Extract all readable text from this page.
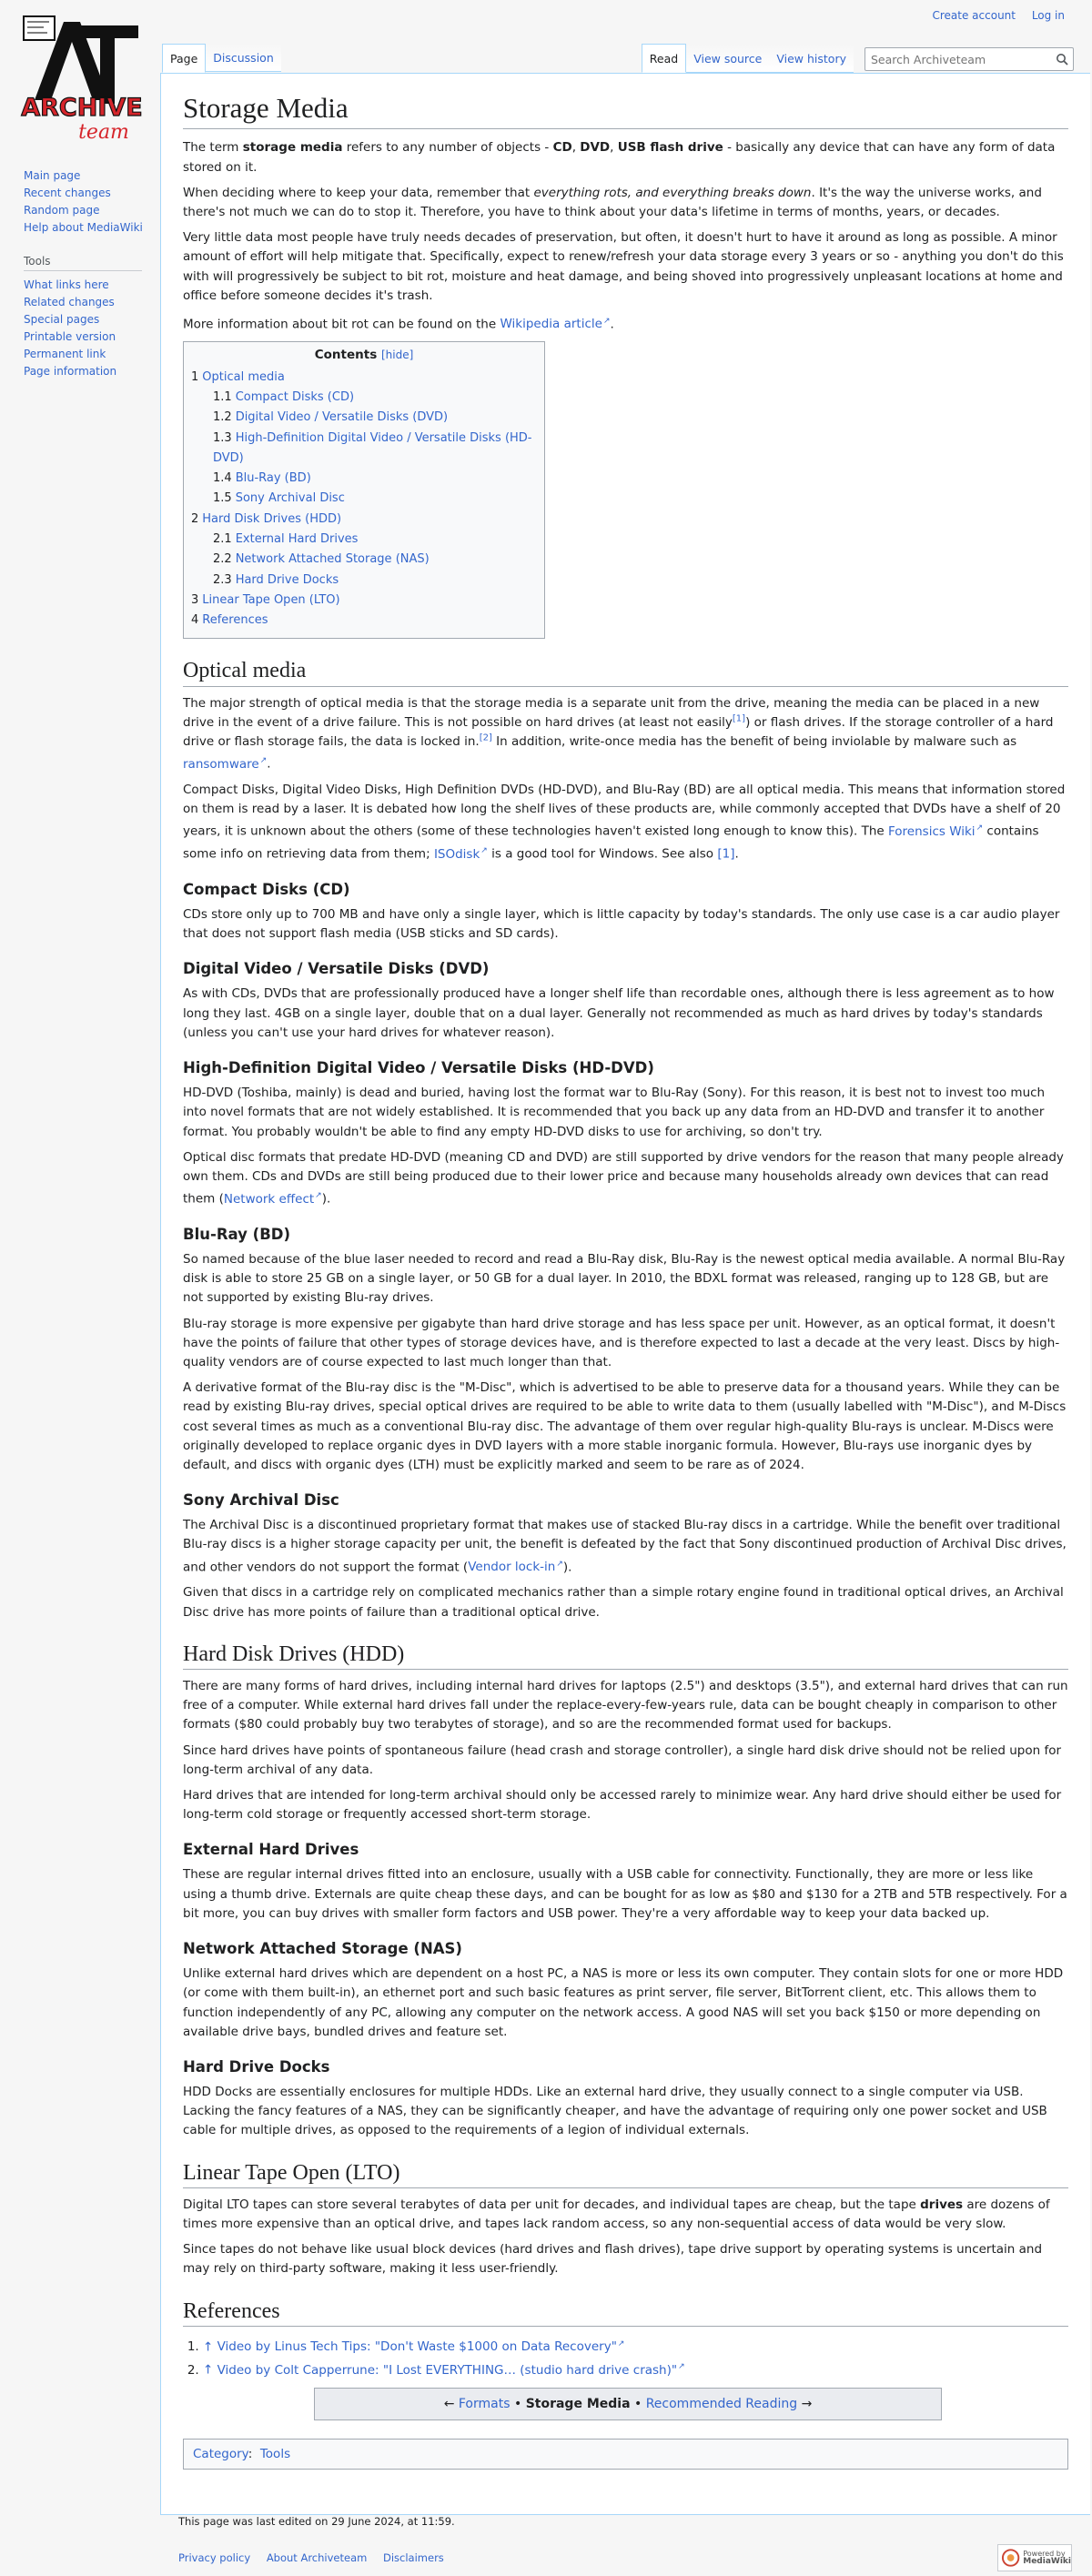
Create account Log in
ARCHIVE
team
Main page
Recent changes
Random page
Help about MediaWiki
Tools
What links here
Related changes
Special pages
Printable version
Permanent link
Page information
Page	Discussion	Read	View source	View history
Search Archiveteam
Storage Media

The term storage media refers to any number of objects - CD, DVD, USB flash drive - basically any device that can have any form of data stored on it.

When deciding where to keep your data, remember that everything rots, and everything breaks down. It's the way the universe works, and there's not much we can do to stop it. Therefore, you have to think about your data's lifetime in terms of months, years, or decades.

Very little data most people have truly needs decades of preservation, but often, it doesn't hurt to have it around as long as possible. A minor amount of effort will help mitigate that. Specifically, expect to renew/refresh your data storage every 3 years or so - anything you don't do this with will progressively be subject to bit rot, moisture and heat damage, and being shoved into progressively unpleasant locations at home and office before someone decides it's trash.

More information about bit rot can be found on the Wikipedia article ↗ .

Contents [hide]
1 Optical media
1.1 Compact Disks (CD)
1.2 Digital Video / Versatile Disks (DVD)
1.3 High-Definition Digital Video / Versatile Disks (HD-DVD)
1.4 Blu-Ray (BD)
1.5 Sony Archival Disc
2 Hard Disk Drives (HDD)
2.1 External Hard Drives
2.2 Network Attached Storage (NAS)
2.3 Hard Drive Docks
3 Linear Tape Open (LTO)
4 References
Optical media

The major strength of optical media is that the storage media is a separate unit from the drive, meaning the media can be placed in a new drive in the event of a drive failure. This is not possible on hard drives (at least not easily[1]) or flash drives. If the storage controller of a hard drive or flash storage fails, the data is locked in.[2] In addition, write-once media has the benefit of being inviolable by malware such as ransomware ↗ .

Compact Disks, Digital Video Disks, High Definition DVDs (HD-DVD), and Blu-Ray (BD) are all optical media. This means that information stored on them is read by a laser. It is debated how long the shelf lives of these products are, while commonly accepted that DVDs have a shelf of 20 years, it is unknown about the others (some of these technologies haven't existed long enough to know this). The Forensics Wiki ↗ contains some info on retrieving data from them; ISOdisk ↗ is a good tool for Windows. See also [1].

Compact Disks (CD)

CDs store only up to 700 MB and have only a single layer, which is little capacity by today's standards. The only use case is a car audio player that does not support flash media (USB sticks and SD cards).

Digital Video / Versatile Disks (DVD)

As with CDs, DVDs that are professionally produced have a longer shelf life than recordable ones, although there is less agreement as to how long they last. 4GB on a single layer, double that on a dual layer. Generally not recommended as much as hard drives by today's standards (unless you can't use your hard drives for whatever reason).

High-Definition Digital Video / Versatile Disks (HD-DVD)

HD-DVD (Toshiba, mainly) is dead and buried, having lost the format war to Blu-Ray (Sony). For this reason, it is best not to invest too much into novel formats that are not widely established. It is recommended that you back up any data from an HD-DVD and transfer it to another format. You probably wouldn't be able to find any empty HD-DVD disks to use for archiving, so don't try.

Optical disc formats that predate HD-DVD (meaning CD and DVD) are still supported by drive vendors for the reason that many people already own them. CDs and DVDs are still being produced due to their lower price and because many households already own devices that can read them (Network effect ↗ ).

Blu-Ray (BD)

So named because of the blue laser needed to record and read a Blu-Ray disk, Blu-Ray is the newest optical media available. A normal Blu-Ray disk is able to store 25 GB on a single layer, or 50 GB for a dual layer. In 2010, the BDXL format was released, ranging up to 128 GB, but are not supported by existing Blu-ray drives.

Blu-ray storage is more expensive per gigabyte than hard drive storage and has less space per unit. However, as an optical format, it doesn't have the points of failure that other types of storage devices have, and is therefore expected to last a decade at the very least. Discs by high-quality vendors are of course expected to last much longer than that.

A derivative format of the Blu-ray disc is the "M-Disc", which is advertised to be able to preserve data for a thousand years. While they can be read by existing Blu-ray drives, special optical drives are required to be able to write data to them (usually labelled with "M-Disc"), and M-Discs cost several times as much as a conventional Blu-ray disc. The advantage of them over regular high-quality Blu-rays is unclear. M-Discs were originally developed to replace organic dyes in DVD layers with a more stable inorganic formula. However, Blu-rays use inorganic dyes by default, and discs with organic dyes (LTH) must be explicitly marked and seem to be rare as of 2024.

Sony Archival Disc

The Archival Disc is a discontinued proprietary format that makes use of stacked Blu-ray discs in a cartridge. While the benefit over traditional Blu-ray discs is a higher storage capacity per unit, the benefit is defeated by the fact that Sony discontinued production of Archival Disc drives, and other vendors do not support the format (Vendor lock-in ↗ ).

Given that discs in a cartridge rely on complicated mechanics rather than a simple rotary engine found in traditional optical drives, an Archival Disc drive has more points of failure than a traditional optical drive.

Hard Disk Drives (HDD)

There are many forms of hard drives, including internal hard drives for laptops (2.5") and desktops (3.5"), and external hard drives that can run free of a computer. While external hard drives fall under the replace-every-few-years rule, data can be bought cheaply in comparison to other formats ($80 could probably buy two terabytes of storage), and so are the recommended format used for backups.

Since hard drives have points of spontaneous failure (head crash and storage controller), a single hard disk drive should not be relied upon for long-term archival of any data.

Hard drives that are intended for long-term archival should only be accessed rarely to minimize wear. Any hard drive should either be used for long-term cold storage or frequently accessed short-term storage.

External Hard Drives

These are regular internal drives fitted into an enclosure, usually with a USB cable for connectivity. Functionally, they are more or less like using a thumb drive. Externals are quite cheap these days, and can be bought for as low as $80 and $130 for a 2TB and 5TB respectively. For a bit more, you can buy drives with smaller form factors and USB power. They're a very affordable way to keep your data backed up.

Network Attached Storage (NAS)

Unlike external hard drives which are dependent on a host PC, a NAS is more or less its own computer. They contain slots for one or more HDD (or come with them built-in), an ethernet port and such basic features as print server, file server, BitTorrent client, etc. This allows them to function independently of any PC, allowing any computer on the network access. A good NAS will set you back $150 or more depending on available drive bays, bundled drives and feature set.

Hard Drive Docks

HDD Docks are essentially enclosures for multiple HDDs. Like an external hard drive, they usually connect to a single computer via USB. Lacking the fancy features of a NAS, they can be significantly cheaper, and have the advantage of requiring only one power socket and USB cable for multiple drives, as opposed to the requirements of a legion of individual externals.

Linear Tape Open (LTO)

Digital LTO tapes can store several terabytes of data per unit for decades, and individual tapes are cheap, but the tape drives are dozens of times more expensive than an optical drive, and tapes lack random access, so any non-sequential access of data would be very slow.

Since tapes do not behave like usual block devices (hard drives and flash drives), tape drive support by operating systems is uncertain and may rely on third-party software, making it less user-friendly.

References
1. ↑ Video by Linus Tech Tips: "Don't Waste $1000 on Data Recovery" ↗
2. ↑ Video by Colt Capperrune: "I Lost EVERYTHING… (studio hard drive crash)" ↗
← Formats • Storage Media • Recommended Reading →
Category: Tools
This page was last edited on 29 June 2024, at 11:59.
Privacy policy About Archiveteam Disclaimers	Powered by
MediaWiki
